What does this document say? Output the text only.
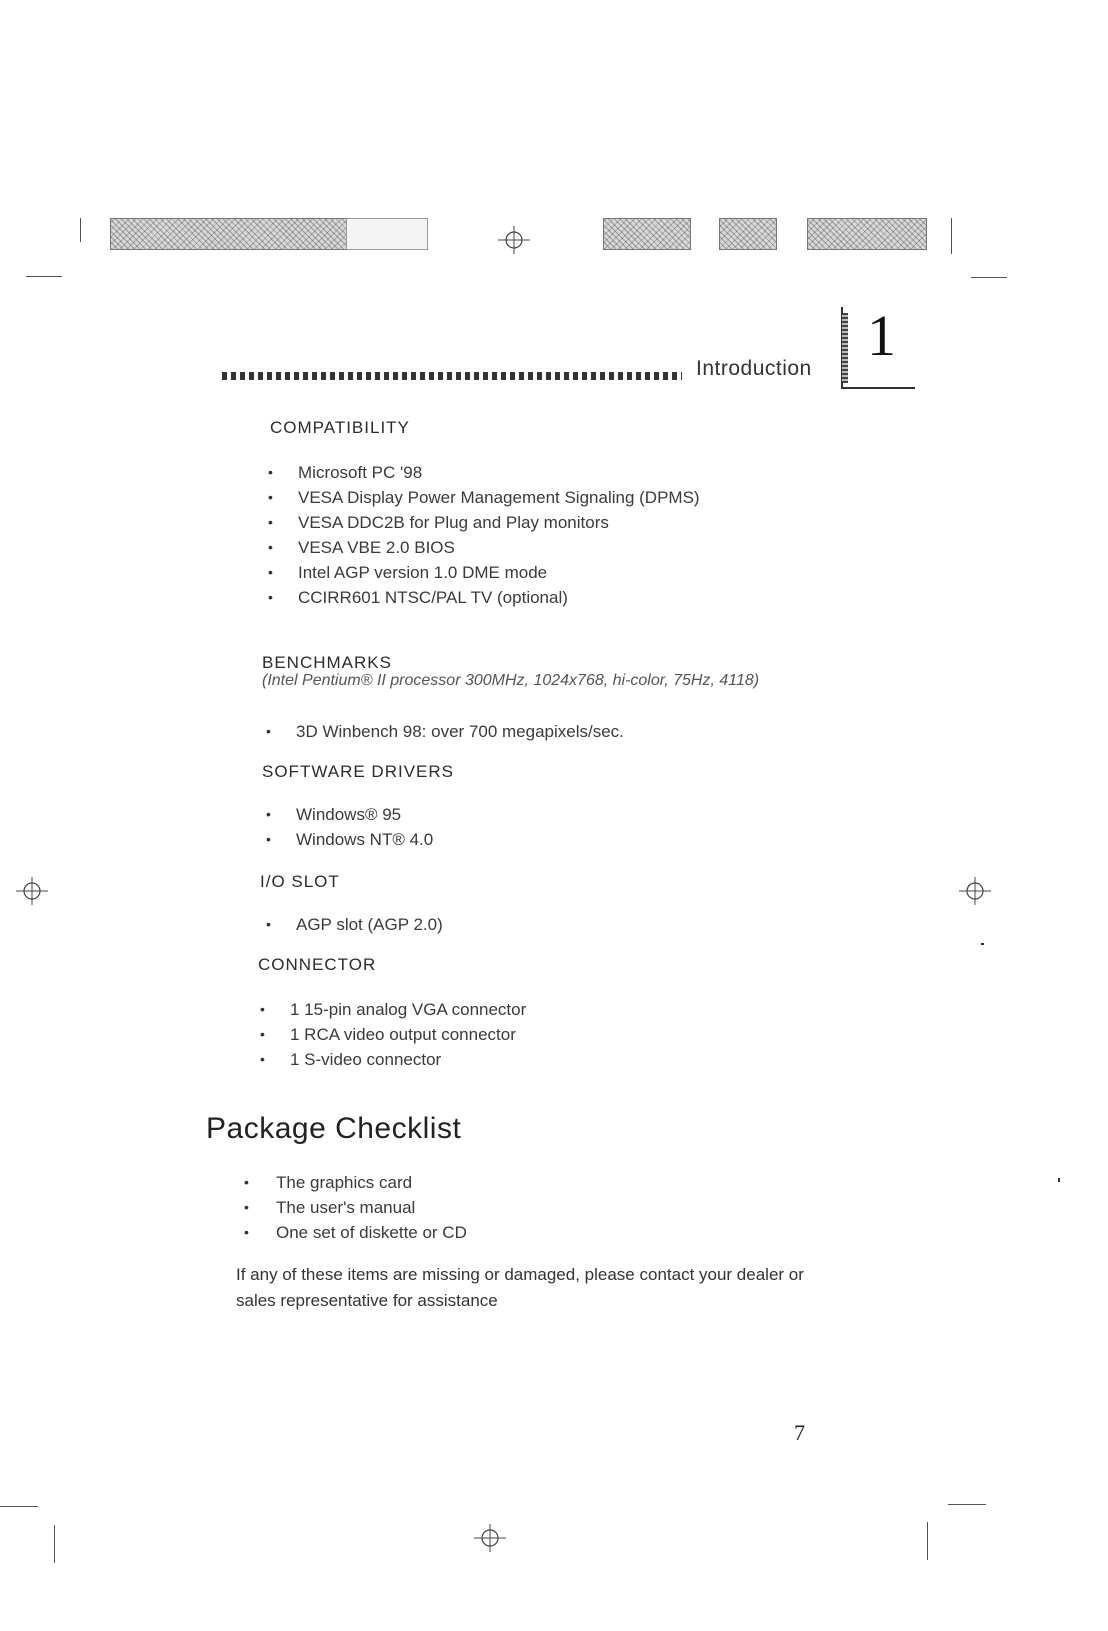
Introduction
1
COMPATIBILITY
• Microsoft PC '98
• VESA Display Power Management Signaling (DPMS)
• VESA DDC2B for Plug and Play monitors
• VESA VBE 2.0 BIOS
• Intel AGP version 1.0 DME mode
• CCIRR601 NTSC/PAL TV (optional)
BENCHMARKS
(Intel Pentium® II processor 300MHz, 1024x768, hi-color, 75Hz, 4118)
• 3D Winbench 98: over 700 megapixels/sec.
SOFTWARE DRIVERS
• Windows® 95
• Windows NT® 4.0
I/O SLOT
• AGP slot (AGP 2.0)
CONNECTOR
• 1 15-pin analog VGA connector
• 1 RCA video output connector
• 1 S-video connector
Package Checklist
• The graphics card
• The user's manual
• One set of diskette or CD
If any of these items are missing or damaged, please contact your dealer or sales representative for assistance
7
